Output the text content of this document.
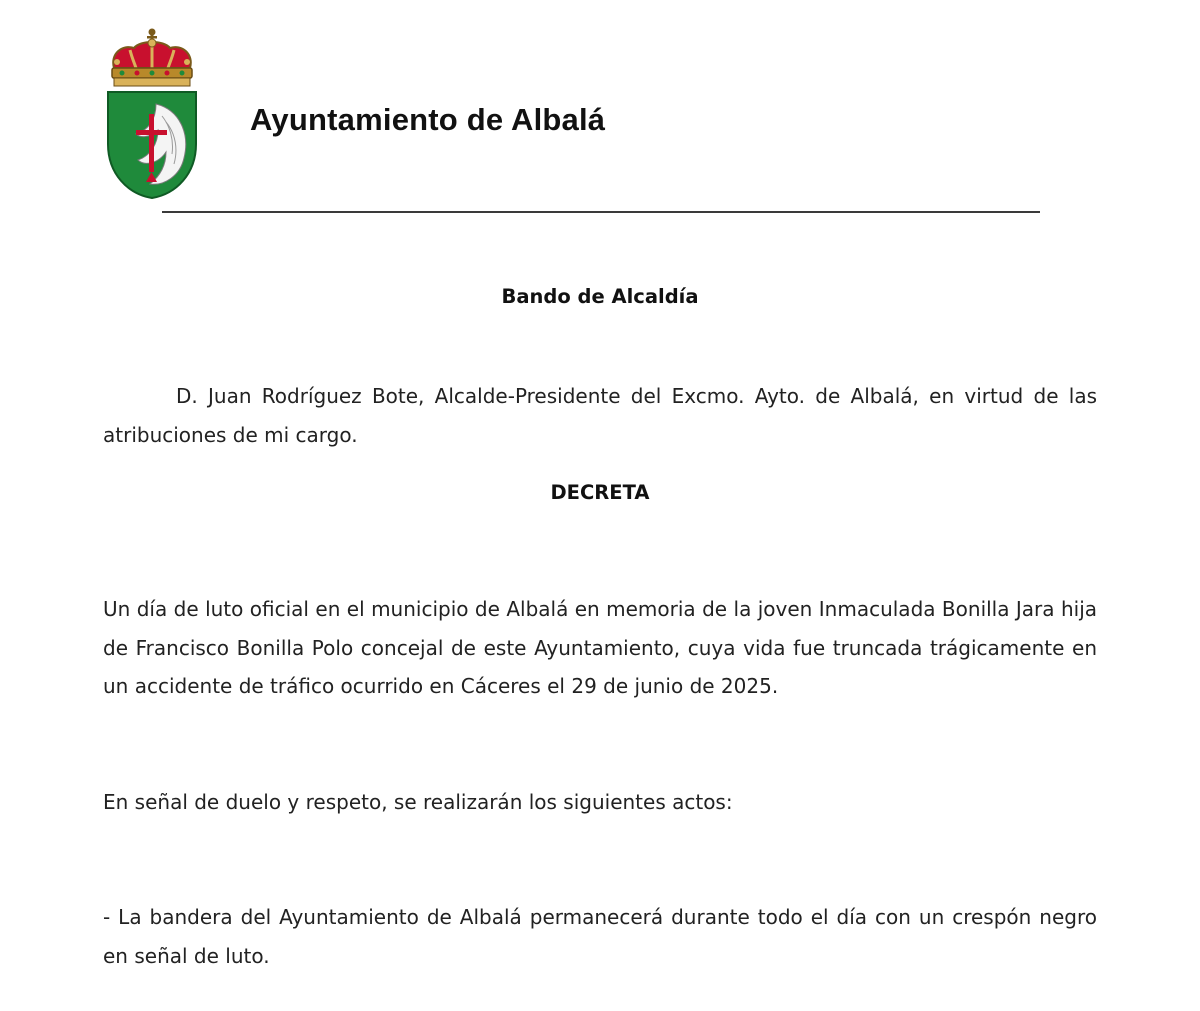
Ayuntamiento de Albalá
Bando de Alcaldía
D. Juan Rodríguez Bote, Alcalde-Presidente del Excmo. Ayto. de Albalá, en virtud de las atribuciones de mi cargo.
DECRETA
Un día de luto oficial en el municipio de Albalá en memoria de la joven Inmaculada Bonilla Jara hija de Francisco Bonilla Polo concejal de este Ayuntamiento, cuya vida fue truncada trágicamente en un accidente de tráfico ocurrido en Cáceres el 29 de junio de 2025.
En señal de duelo y respeto, se realizarán los siguientes actos:
- La bandera del Ayuntamiento de Albalá permanecerá durante todo el día con un crespón negro en señal de luto.
